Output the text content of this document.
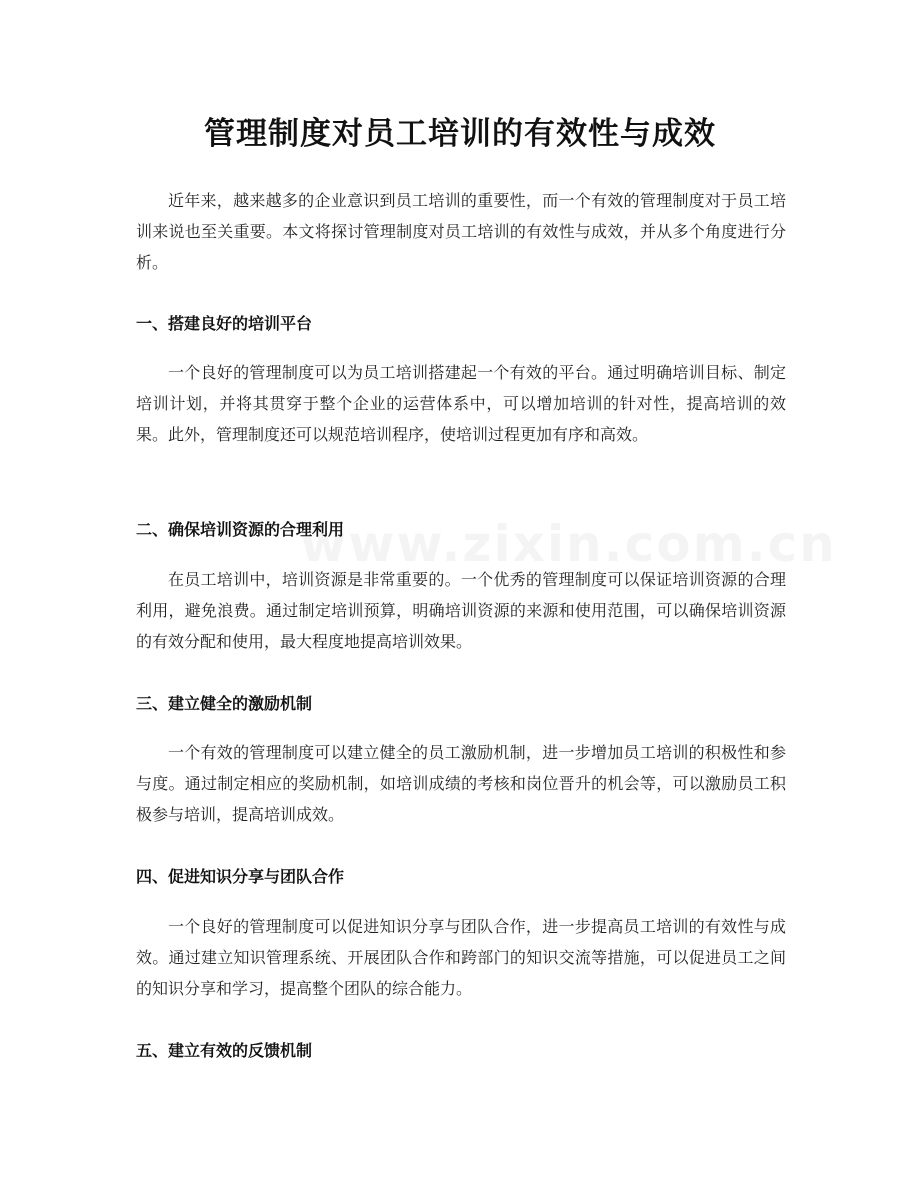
管理制度对员工培训的有效性与成效

近年来，越来越多的企业意识到员工培训的重要性，而一个有效的管理制度对于员工培训来说也至关重要。本文将探讨管理制度对员工培训的有效性与成效，并从多个角度进行分析。

一、搭建良好的培训平台

一个良好的管理制度可以为员工培训搭建起一个有效的平台。通过明确培训目标、制定培训计划，并将其贯穿于整个企业的运营体系中，可以增加培训的针对性，提高培训的效果。此外，管理制度还可以规范培训程序，使培训过程更加有序和高效。

二、确保培训资源的合理利用

在员工培训中，培训资源是非常重要的。一个优秀的管理制度可以保证培训资源的合理利用，避免浪费。通过制定培训预算，明确培训资源的来源和使用范围，可以确保培训资源的有效分配和使用，最大程度地提高培训效果。

三、建立健全的激励机制

一个有效的管理制度可以建立健全的员工激励机制，进一步增加员工培训的积极性和参与度。通过制定相应的奖励机制，如培训成绩的考核和岗位晋升的机会等，可以激励员工积极参与培训，提高培训成效。

四、促进知识分享与团队合作

一个良好的管理制度可以促进知识分享与团队合作，进一步提高员工培训的有效性与成效。通过建立知识管理系统、开展团队合作和跨部门的知识交流等措施，可以促进员工之间的知识分享和学习，提高整个团队的综合能力。

五、建立有效的反馈机制
